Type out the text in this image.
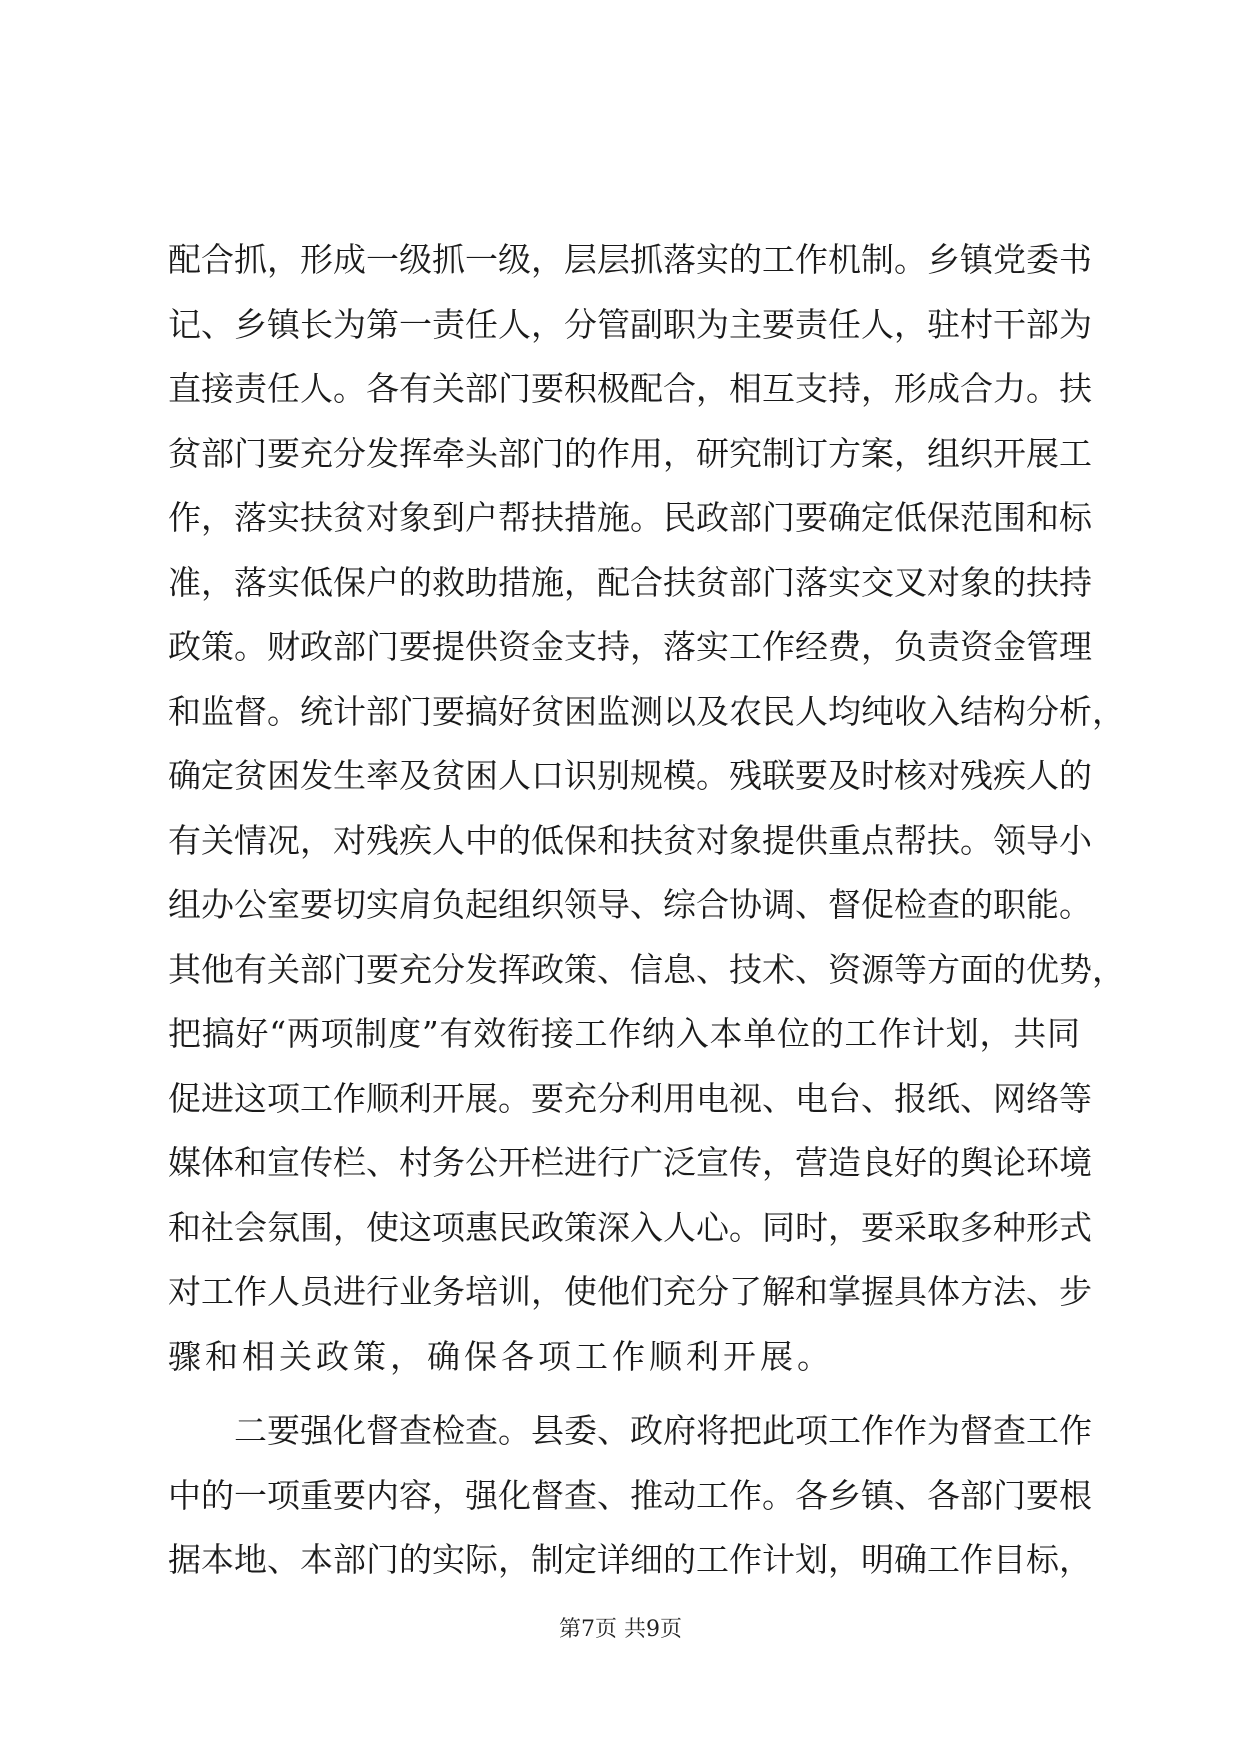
配合抓，形成一级抓一级，层层抓落实的工作机制。乡镇党委书
记、乡镇长为第一责任人，分管副职为主要责任人，驻村干部为
直接责任人。各有关部门要积极配合，相互支持，形成合力。扶
贫部门要充分发挥牵头部门的作用，研究制订方案，组织开展工
作，落实扶贫对象到户帮扶措施。民政部门要确定低保范围和标
准，落实低保户的救助措施，配合扶贫部门落实交叉对象的扶持
政策。财政部门要提供资金支持，落实工作经费，负责资金管理
和监督。统计部门要搞好贫困监测以及农民人均纯收入结构分析，
确定贫困发生率及贫困人口识别规模。残联要及时核对残疾人的
有关情况，对残疾人中的低保和扶贫对象提供重点帮扶。领导小
组办公室要切实肩负起组织领导、综合协调、督促检查的职能。
其他有关部门要充分发挥政策、信息、技术、资源等方面的优势，
把搞好“两项制度”有效衔接工作纳入本单位的工作计划，共同
促进这项工作顺利开展。要充分利用电视、电台、报纸、网络等
媒体和宣传栏、村务公开栏进行广泛宣传，营造良好的舆论环境
和社会氛围，使这项惠民政策深入人心。同时，要采取多种形式
对工作人员进行业务培训，使他们充分了解和掌握具体方法、步
骤和相关政策，确保各项工作顺利开展。
二要强化督查检查。县委、政府将把此项工作作为督查工作
中的一项重要内容，强化督查、推动工作。各乡镇、各部门要根
据本地、本部门的实际，制定详细的工作计划，明确工作目标，
第7页 共9页
